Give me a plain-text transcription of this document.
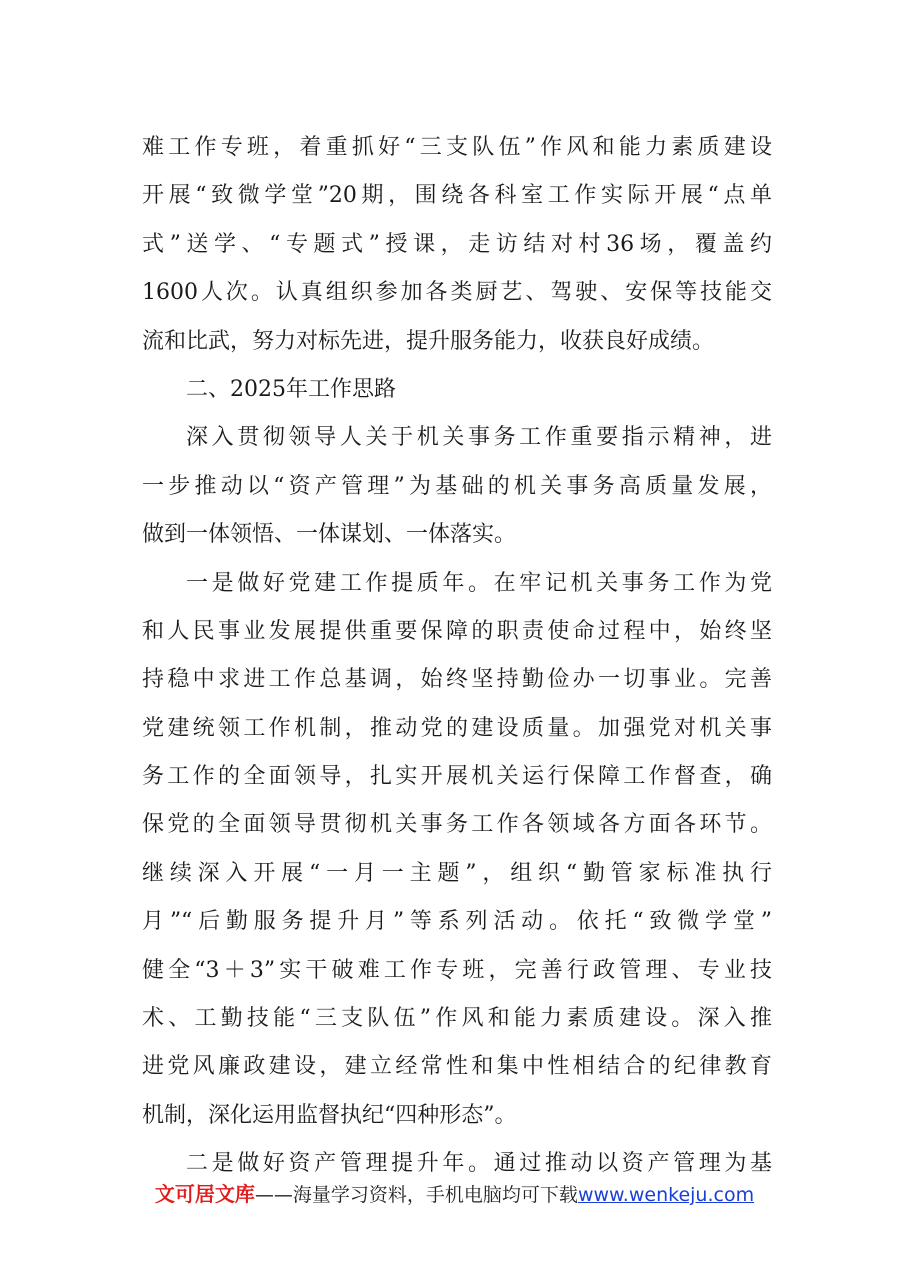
难工作专班，着重抓好“三支队伍”作风和能力素质建设
开展“致微学堂”20期，围绕各科室工作实际开展“点单
式”送学、“专题式”授课，走访结对村36场，覆盖约
1600人次。认真组织参加各类厨艺、驾驶、安保等技能交
流和比武，努力对标先进，提升服务能力，收获良好成绩。
二、2025年工作思路
深入贯彻领导人关于机关事务工作重要指示精神，进
一步推动以“资产管理”为基础的机关事务高质量发展，
做到一体领悟、一体谋划、一体落实。
一是做好党建工作提质年。在牢记机关事务工作为党
和人民事业发展提供重要保障的职责使命过程中，始终坚
持稳中求进工作总基调，始终坚持勤俭办一切事业。完善
党建统领工作机制，推动党的建设质量。加强党对机关事
务工作的全面领导，扎实开展机关运行保障工作督查，确
保党的全面领导贯彻机关事务工作各领域各方面各环节。
继续深入开展“一月一主题”，组织“勤管家标准执行
月”“后勤服务提升月”等系列活动。依托“致微学堂”
健全“3＋3”实干破难工作专班，完善行政管理、专业技
术、工勤技能“三支队伍”作风和能力素质建设。深入推
进党风廉政建设，建立经常性和集中性相结合的纪律教育
机制，深化运用监督执纪“四种形态”。
二是做好资产管理提升年。通过推动以资产管理为基
文可居文库——海量学习资料，手机电脑均可下载www.wenkeju.com
